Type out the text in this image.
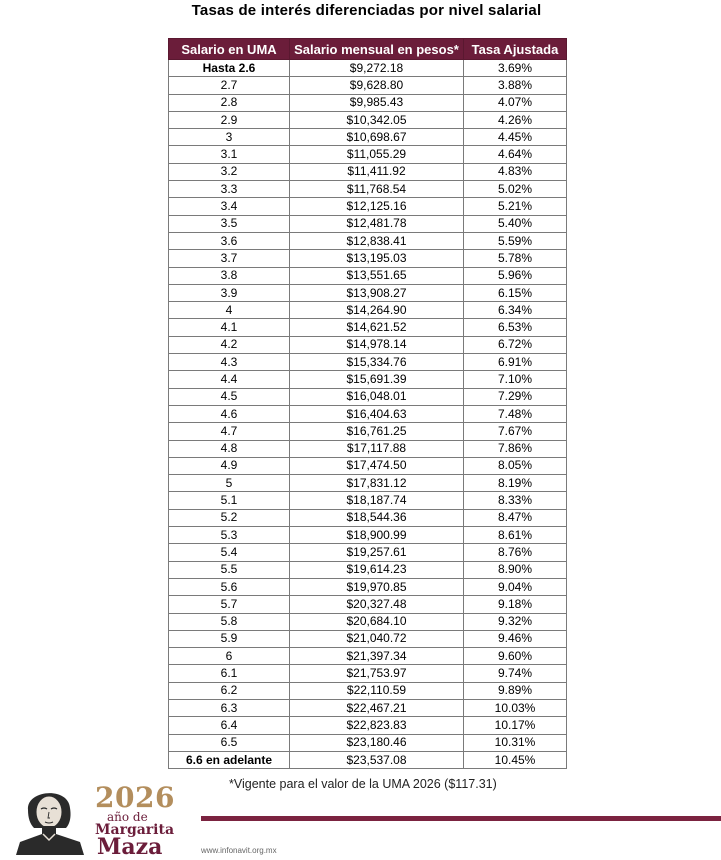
Tasas de interés diferenciadas por nivel salarial
Salario en UMA	Salario mensual en pesos*	Tasa Ajustada
Hasta 2.6	$9,272.18	3.69%
2.7	$9,628.80	3.88%
2.8	$9,985.43	4.07%
2.9	$10,342.05	4.26%
3	$10,698.67	4.45%
3.1	$11,055.29	4.64%
3.2	$11,411.92	4.83%
3.3	$11,768.54	5.02%
3.4	$12,125.16	5.21%
3.5	$12,481.78	5.40%
3.6	$12,838.41	5.59%
3.7	$13,195.03	5.78%
3.8	$13,551.65	5.96%
3.9	$13,908.27	6.15%
4	$14,264.90	6.34%
4.1	$14,621.52	6.53%
4.2	$14,978.14	6.72%
4.3	$15,334.76	6.91%
4.4	$15,691.39	7.10%
4.5	$16,048.01	7.29%
4.6	$16,404.63	7.48%
4.7	$16,761.25	7.67%
4.8	$17,117.88	7.86%
4.9	$17,474.50	8.05%
5	$17,831.12	8.19%
5.1	$18,187.74	8.33%
5.2	$18,544.36	8.47%
5.3	$18,900.99	8.61%
5.4	$19,257.61	8.76%
5.5	$19,614.23	8.90%
5.6	$19,970.85	9.04%
5.7	$20,327.48	9.18%
5.8	$20,684.10	9.32%
5.9	$21,040.72	9.46%
6	$21,397.34	9.60%
6.1	$21,753.97	9.74%
6.2	$22,110.59	9.89%
6.3	$22,467.21	10.03%
6.4	$22,823.83	10.17%
6.5	$23,180.46	10.31%
6.6 en adelante	$23,537.08	10.45%
*Vigente para el valor de la UMA 2026 ($117.31)
www.infonavit.org.mx
2026
año de
Margarita
Maza
